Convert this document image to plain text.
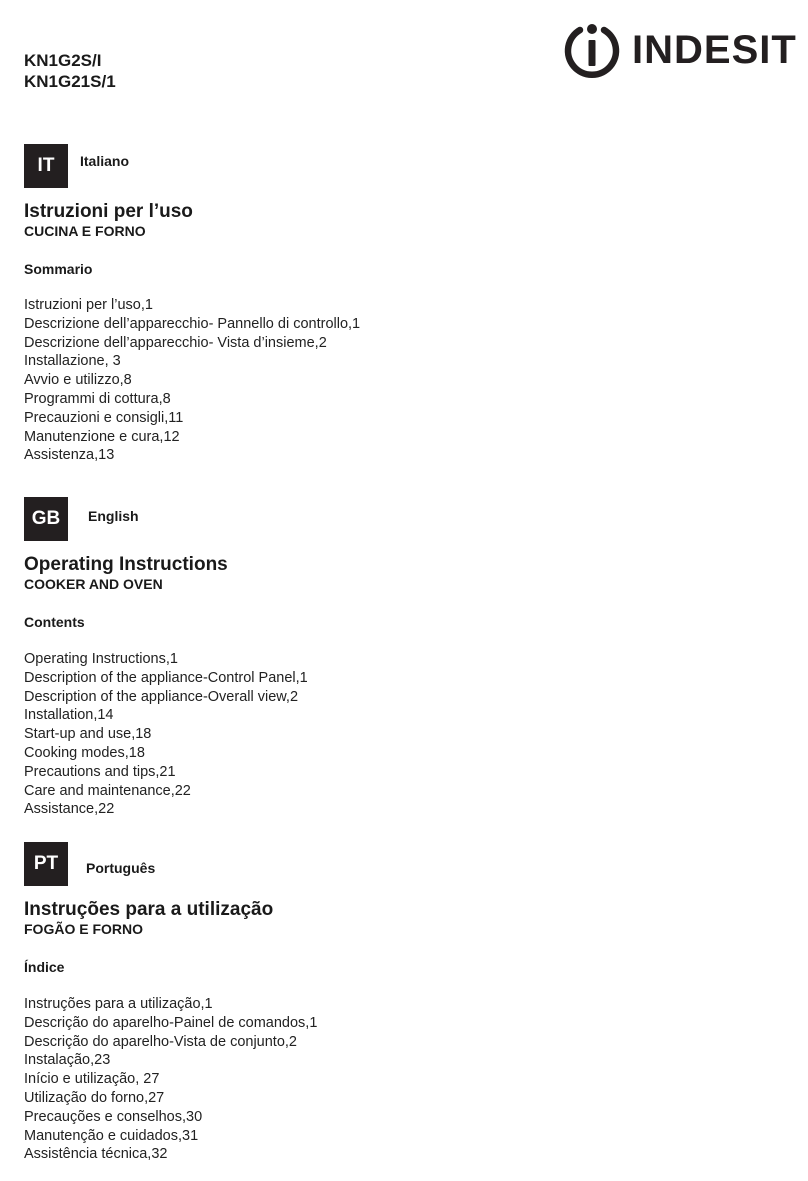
KN1G2S/I
KN1G21S/1
INDESIT
IT	Italiano
Istruzioni per l’uso
CUCINA E FORNO
Sommario
Istruzioni per l’uso,1
Descrizione dell’apparecchio- Pannello di controllo,1
Descrizione dell’apparecchio- Vista d’insieme,2
Installazione, 3
Avvio e utilizzo,8
Programmi di cottura,8
Precauzioni e consigli,11
Manutenzione e cura,12
Assistenza,13
GB	English
Operating Instructions
COOKER AND OVEN
Contents
Operating Instructions,1
Description of the appliance-Control Panel,1
Description of the appliance-Overall view,2
Installation,14
Start-up and use,18
Cooking modes,18
Precautions and tips,21
Care and maintenance,22
Assistance,22
PT	Português
Instruções para a utilização
FOGÃO E FORNO
Índice
Instruções para a utilização,1
Descrição do aparelho-Painel de comandos,1
Descrição do aparelho-Vista de conjunto,2
Instalação,23
Início e utilização, 27
Utilização do forno,27
Precauções e conselhos,30
Manutenção e cuidados,31
Assistência técnica,32
